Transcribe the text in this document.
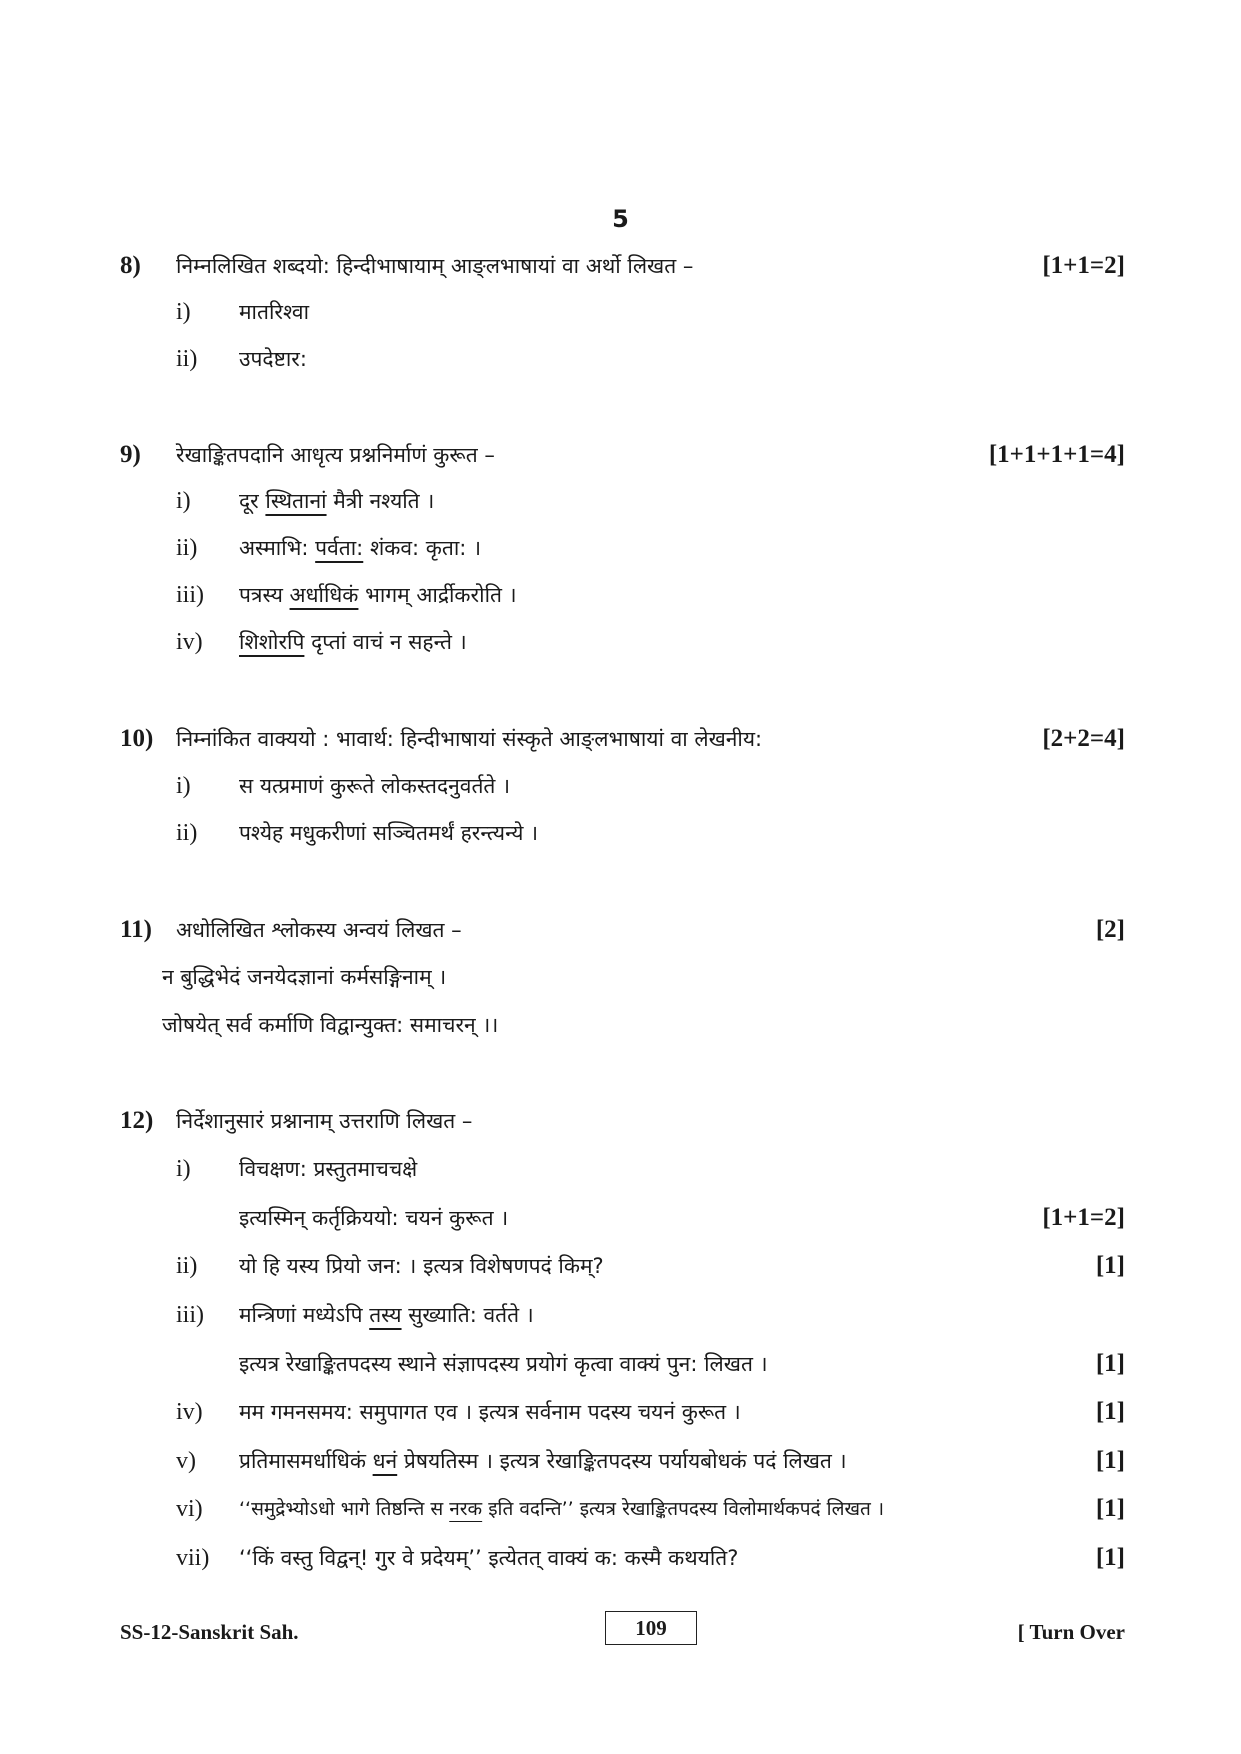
5
8) निम्नलिखित शब्दयो: हिन्दीभाषायाम् आङ्लभाषायां वा अर्थो लिखत –	[1+1=2]
i) मातरिश्वा
ii) उपदेष्टार:
9) रेखाङ्कितपदानि आधृत्य प्रश्ननिर्माणं कुरूत –	[1+1+1+1=4]
i) दूर स्थितानां मैत्री नश्यति ।
ii) अस्माभि: पर्वता: शंकव: कृता: ।
iii) पत्रस्य अर्धाधिकं भागम् आर्द्रीकरोति ।
iv) शिशोरपि दृप्तां वाचं न सहन्ते ।
10) निम्नांकित वाक्ययो : भावार्थ: हिन्दीभाषायां संस्कृते आङ्लभाषायां वा लेखनीय:	[2+2=4]
i) स यत्प्रमाणं कुरूते लोकस्तदनुवर्तते ।
ii) पश्येह मधुकरीणां सञ्चितमर्थं हरन्त्यन्ये ।
11) अधोलिखित श्लोकस्य अन्वयं लिखत –	[2]
न बुद्धिभेदं जनयेदज्ञानां कर्मसङ्गिनाम् ।
जोषयेत् सर्व कर्माणि विद्वान्युक्त: समाचरन् ।।
12) निर्देशानुसारं प्रश्नानाम् उत्तराणि लिखत –
i) विचक्षण: प्रस्तुतमाचचक्षे
इत्यस्मिन् कर्तृक्रिययो: चयनं कुरूत ।	[1+1=2]
ii) यो हि यस्य प्रियो जन: । इत्यत्र विशेषणपदं किम्?	[1]
iii) मन्त्रिणां मध्येऽपि तस्य सुख्याति: वर्तते ।
इत्यत्र रेखाङ्कितपदस्य स्थाने संज्ञापदस्य प्रयोगं कृत्वा वाक्यं पुन: लिखत ।	[1]
iv) मम गमनसमय: समुपागत एव । इत्यत्र सर्वनाम पदस्य चयनं कुरूत ।	[1]
v) प्रतिमासमर्धाधिकं धनं प्रेषयतिस्म । इत्यत्र रेखाङ्कितपदस्य पर्यायबोधकं पदं लिखत ।	[1]
vi) ‘‘समुद्रेभ्योऽधो भागे तिष्ठन्ति स नरक इति वदन्ति’’ इत्यत्र रेखाङ्कितपदस्य विलोमार्थकपदं लिखत ।	[1]
vii) ‘‘किं वस्तु विद्वन्! गुर वे प्रदेयम्’’ इत्येतत् वाक्यं क: कस्मै कथयति?	[1]
SS-12-Sanskrit Sah.	109	[ Turn Over
